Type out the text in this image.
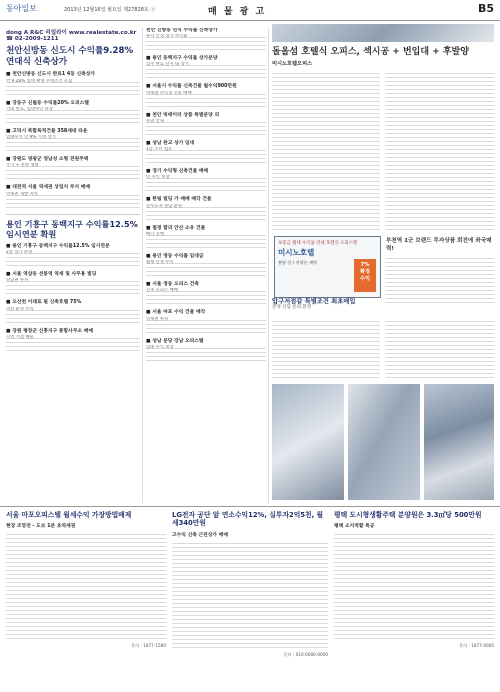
동아일보	2013년 12월16일 월요일 제27828호 ⓒ	매 물 광 고	B5
dong A R&C 리얼라이 www.realestate.co.kr ☎ 02-2009-1211
천안신방동 신도시 수익률9.28% 연대식 신축상가
■ 천안신방동 신도시 완료1 4동 신축상가
약 9.28% 임대 확정 우대조건 모집
■ 강동구 신월동 수익률20% 오피스텔
거래 완료, 임대수익 보장
■ 고덕시 복합목적건물 358세대 타운
임대수익 연 9% 기대 상가
■ 강원도 영광군 정남성 소형 전원주택
주거 + 전원 생활
■ 대전역 서울 역세권 상업지 부지 매매
역세권 개발 지역
용인 기흥구 동백지구 수익률12.5% 임시연분 확원
■ 용인 기흥구 동백지구 수익률12.5% 임시연분
2층 상가 분양
■ 서울 역삼동 선릉역 역세 및 사무용 빌딩
강남권 투자
■ 오산천 이래로 필 신축호텔 75%
객실 운영 수익
■ 강원 평창군 신흥지구 통합사무소 매매
지역 거점 매물
천안 신방동 연식 수익률 신축상가
투자 안정 상가 수익률
■ 용인 동백지구 수익률 상가분양
입주 완료 단지 내 상가
■ 서울시 수익률 신축건물 월수익900만원
역세권 수익형 건물 매매
■ 천안 빅데이터 상품 특별분양 외
분양 안내
■ 성남 판교 상가 임대
1층 코너 점포
■ 경기 수익형 신축건물 매매
연 수익 보장
■ 한림 빌딩 가 매매 매각 건물
실수요자 상담 환영
■ 철정 합의 안산 소유 건물
매각 진행
■ 용인 영동 수익률 임대금
월세 안정 수익
■ 서울 정동 오피스 건축
신축 오피스 매매
■ 서울 마포 수익 건물 매각
역세권 투자
■ 성남 분당 강남 오피스텔
임대 수익 보장
돌올섬 호텔식 오피스, 섹시공 + 번입대 + 후발양
미시노호텔오피스
보증금 월세 수익률 연대 호텔식 오피스텔
미시노호텔
분양 중 / 선착순 계약	7%
확정
수익
부천역 1군 브랜드 투자상품 회전에 좌국매력!
압구저점같 특별조건 최초매입
분양 상담 문의 환영
서울 마포오피스텔 월세수익 가장방법배제
현장 조망전 - 도보 1분 초역세권
문의 : 1877-1580
LG전자 공단 앞 연소수익12%, 실투자2억5천, 월세340만원
고수익 신축 근린상가 매매
문의 : 010-0000-0000
평택 도시형생활주택 분양원은 3.3㎡당 500만원
평택 소지역할 특공
문의 : 1877-0000
